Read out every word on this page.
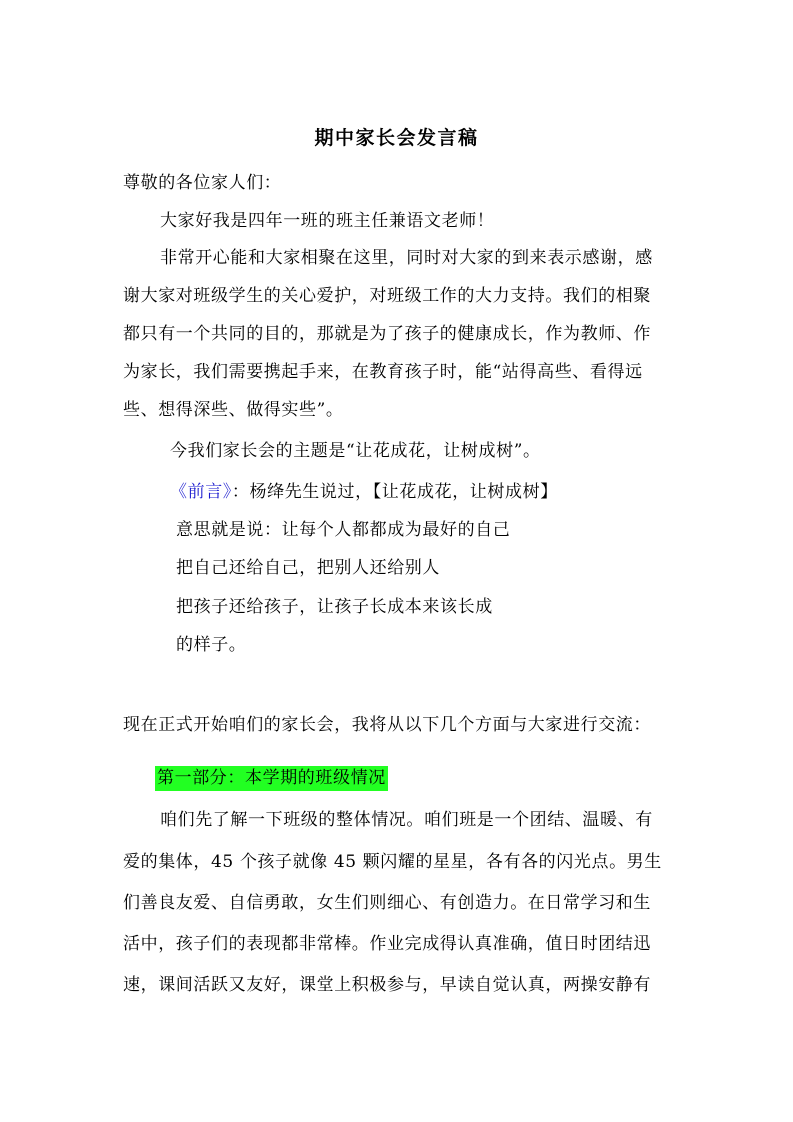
期中家长会发言稿
尊敬的各位家人们：
大家好我是四年一班的班主任兼语文老师！
非常开心能和大家相聚在这里，同时对大家的到来表示感谢，感
谢大家对班级学生的关心爱护，对班级工作的大力支持。我们的相聚
都只有一个共同的目的，那就是为了孩子的健康成长，作为教师、作
为家长，我们需要携起手来，在教育孩子时，能“站得高些、看得远
些、想得深些、做得实些”。
今我们家长会的主题是“让花成花，让树成树”。
《前言》：杨绛先生说过，【让花成花，让树成树】
意思就是说：让每个人都都成为最好的自己
把自己还给自己，把别人还给别人
把孩子还给孩子，让孩子长成本来该长成
的样子。
现在正式开始咱们的家长会，我将从以下几个方面与大家进行交流：
第一部分：本学期的班级情况
咱们先了解一下班级的整体情况。咱们班是一个团结、温暖、有
爱的集体，45 个孩子就像 45 颗闪耀的星星，各有各的闪光点。男生
们善良友爱、自信勇敢，女生们则细心、有创造力。在日常学习和生
活中，孩子们的表现都非常棒。作业完成得认真准确，值日时团结迅
速，课间活跃又友好，课堂上积极参与，早读自觉认真，两操安静有
